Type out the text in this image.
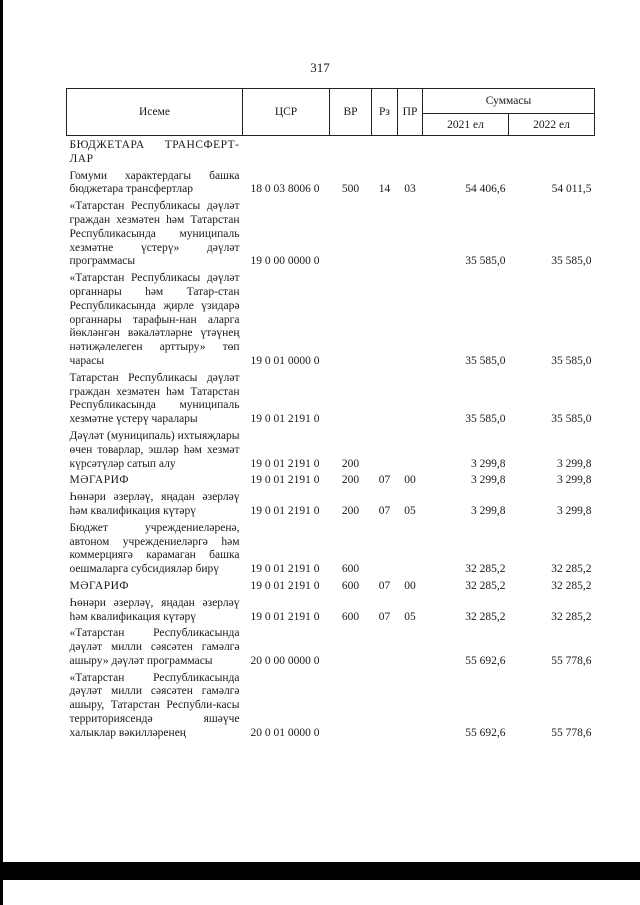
317
Исеме	ЦСР	ВР	Рз	ПР	Суммасы	
					2021 ел	2022 ел
БЮДЖЕТАРА ТРАНСФЕРТ-ЛАР						
Гомуми характердагы башка бюджетара трансфертлар	18 0 03 8006 0	500	14	03	54 406,6	54 011,5
«Татарстан Республикасы дәүләт граждан хезмәтен һәм Татарстан Республикасында муниципаль хезмәтне үстерү» дәүләт программасы	19 0 00 0000 0				35 585,0	35 585,0
«Татарстан Республикасы дәүләт органнары һәм Татар-стан Республикасында җирле үзидарә органнары тарафын-нан аларга йөкләнгән вәкаләтләрне үтәүнең нәтиҗәлелеген арттыру» төп чарасы	19 0 01 0000 0				35 585,0	35 585,0
Татарстан Республикасы дәүләт граждан хезмәтен һәм Татарстан Республикасында муниципаль хезмәтне үстерү чаралары	19 0 01 2191 0				35 585,0	35 585,0
Дәүләт (муниципаль) ихтыяҗлары өчен товарлар, эшләр һәм хезмәт күрсәтүләр сатып алу	19 0 01 2191 0	200			3 299,8	3 299,8
МӘГАРИФ	19 0 01 2191 0	200	07	00	3 299,8	3 299,8
Һөнәри әзерләү, яңадан әзерләү һәм квалификация күтәрү	19 0 01 2191 0	200	07	05	3 299,8	3 299,8
Бюджет учреждениеләренә, автоном учреждениеләргә һәм коммерциягә карамаган башка оешмаларга субсидияләр бирү	19 0 01 2191 0	600			32 285,2	32 285,2
МӘГАРИФ	19 0 01 2191 0	600	07	00	32 285,2	32 285,2
Һөнәри әзерләү, яңадан әзерләү һәм квалификация күтәрү	19 0 01 2191 0	600	07	05	32 285,2	32 285,2
«Татарстан Республикасында дәүләт милли сәясәтен гамәлгә ашыру» дәүләт программасы	20 0 00 0000 0				55 692,6	55 778,6
«Татарстан Республикасында дәүләт милли сәясәтен гамәлгә ашыру, Татарстан Республи-касы территориясендә яшәүче халыклар вәкилләренең	20 0 01 0000 0				55 692,6	55 778,6
